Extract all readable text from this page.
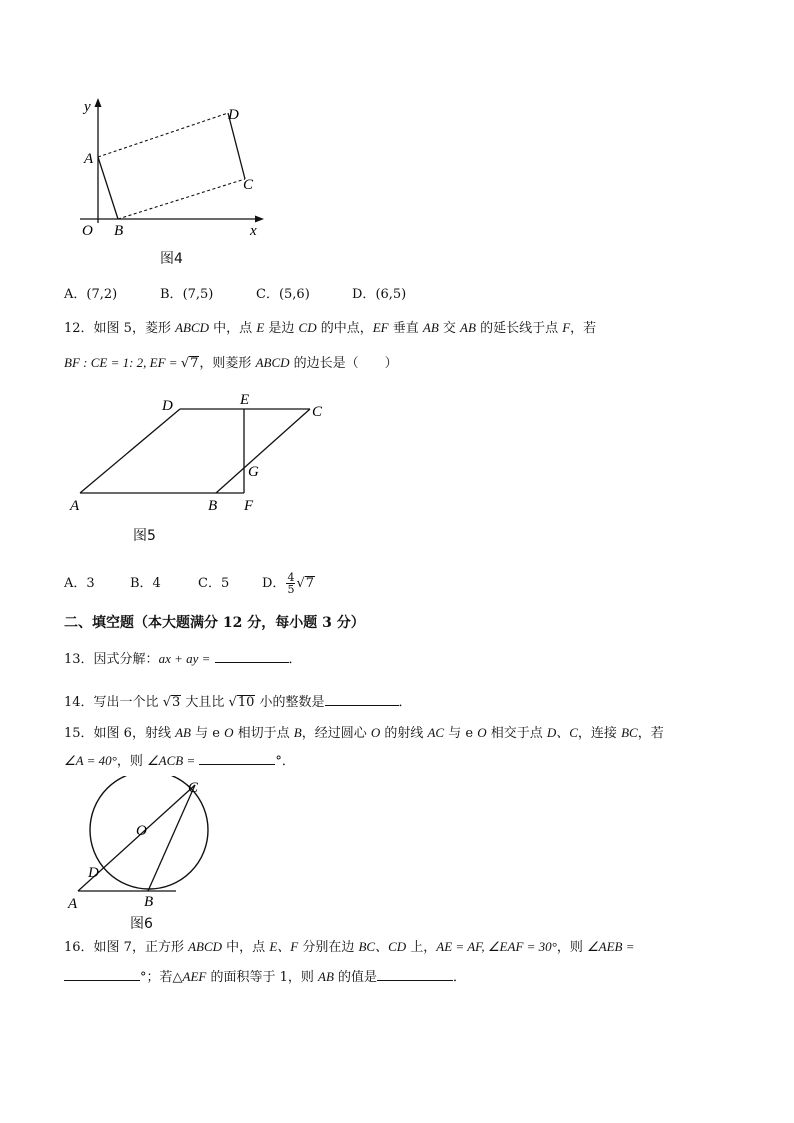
y
A
D
C
O B	x
图4
A．(7,2)	B．(7,5)	C．(5,6)	D．(6,5)
12．如图 5，菱形 ABCD 中，点 E 是边 CD 的中点，EF 垂直 AB 交 AB 的延长线于点 F，若
BF : CE = 1: 2, EF = √7，则菱形 ABCD 的边长是（　　）
D	E
C
G
A	B F
图5
A．3	B．4	C．5	D． $\frac{4}{5} √7$
二、填空题（本大题满分 12 分，每小题 3 分）
13．因式分解：ax + ay =	．
14．写出一个比 √3 大且比 √10 小的整数是	．
15．如图 6，射线 AB 与 e O 相切于点 B，经过圆心 O 的射线 AC 与 e O 相交于点 D、C，连接 BC，若
∠A = 40°，则 ∠ACB =	°．
C
O
D
A	B
图6
16．如图 7，正方形 ABCD 中，点 E、F 分别在边 BC、CD 上，AE = AF, ∠EAF = 30°，则 ∠AEB =
°；若△AEF 的面积等于 1，则 AB 的值是	．
